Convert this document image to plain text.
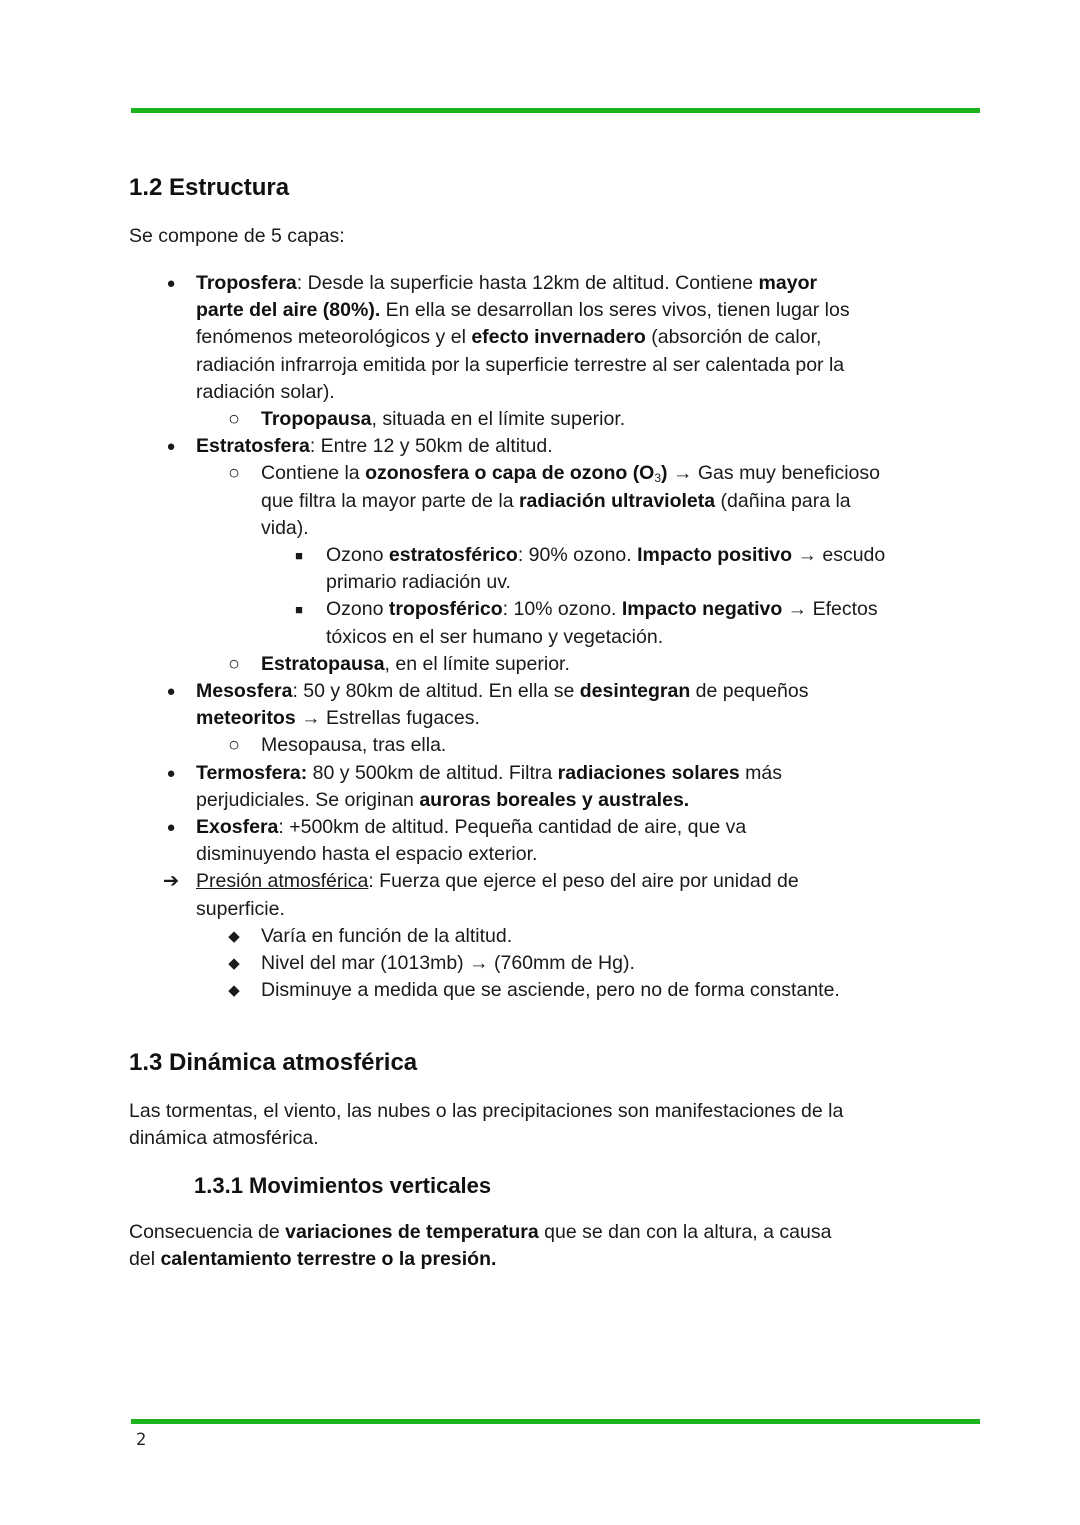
1.2 Estructura
Se compone de 5 capas:
●	Troposfera: Desde la superficie hasta 12km de altitud. Contiene mayor
parte del aire (80%). En ella se desarrollan los seres vivos, tienen lugar los
fenómenos meteorológicos y el efecto invernadero (absorción de calor,
radiación infrarroja emitida por la superficie terrestre al ser calentada por la
radiación solar).
○	Tropopausa, situada en el límite superior.
●	Estratosfera: Entre 12 y 50km de altitud.
○	Contiene la ozonosfera o capa de ozono $(O_3)$ → Gas muy beneficioso
que filtra la mayor parte de la radiación ultravioleta (dañina para la
vida).
■	Ozono estratosférico: 90% ozono. Impacto positivo → escudo
primario radiación uv.
■	Ozono troposférico: 10% ozono. Impacto negativo → Efectos
tóxicos en el ser humano y vegetación.
○	Estratopausa, en el límite superior.
●	Mesosfera: 50 y 80km de altitud. En ella se desintegran de pequeños
meteoritos → Estrellas fugaces.
○	Mesopausa, tras ella.
●	Termosfera: 80 y 500km de altitud. Filtra radiaciones solares más
perjudiciales. Se originan auroras boreales y australes.
●	Exosfera: +500km de altitud. Pequeña cantidad de aire, que va
disminuyendo hasta el espacio exterior.
➔ Presión atmosférica: Fuerza que ejerce el peso del aire por unidad de
superficie.
◆	Varía en función de la altitud.
◆	Nivel del mar (1013mb) → (760mm de Hg).
◆	Disminuye a medida que se asciende, pero no de forma constante.
1.3 Dinámica atmosférica
Las tormentas, el viento, las nubes o las precipitaciones son manifestaciones de la
dinámica atmosférica.
1.3.1 Movimientos verticales
Consecuencia de variaciones de temperatura que se dan con la altura, a causa
del calentamiento terrestre o la presión.
2
